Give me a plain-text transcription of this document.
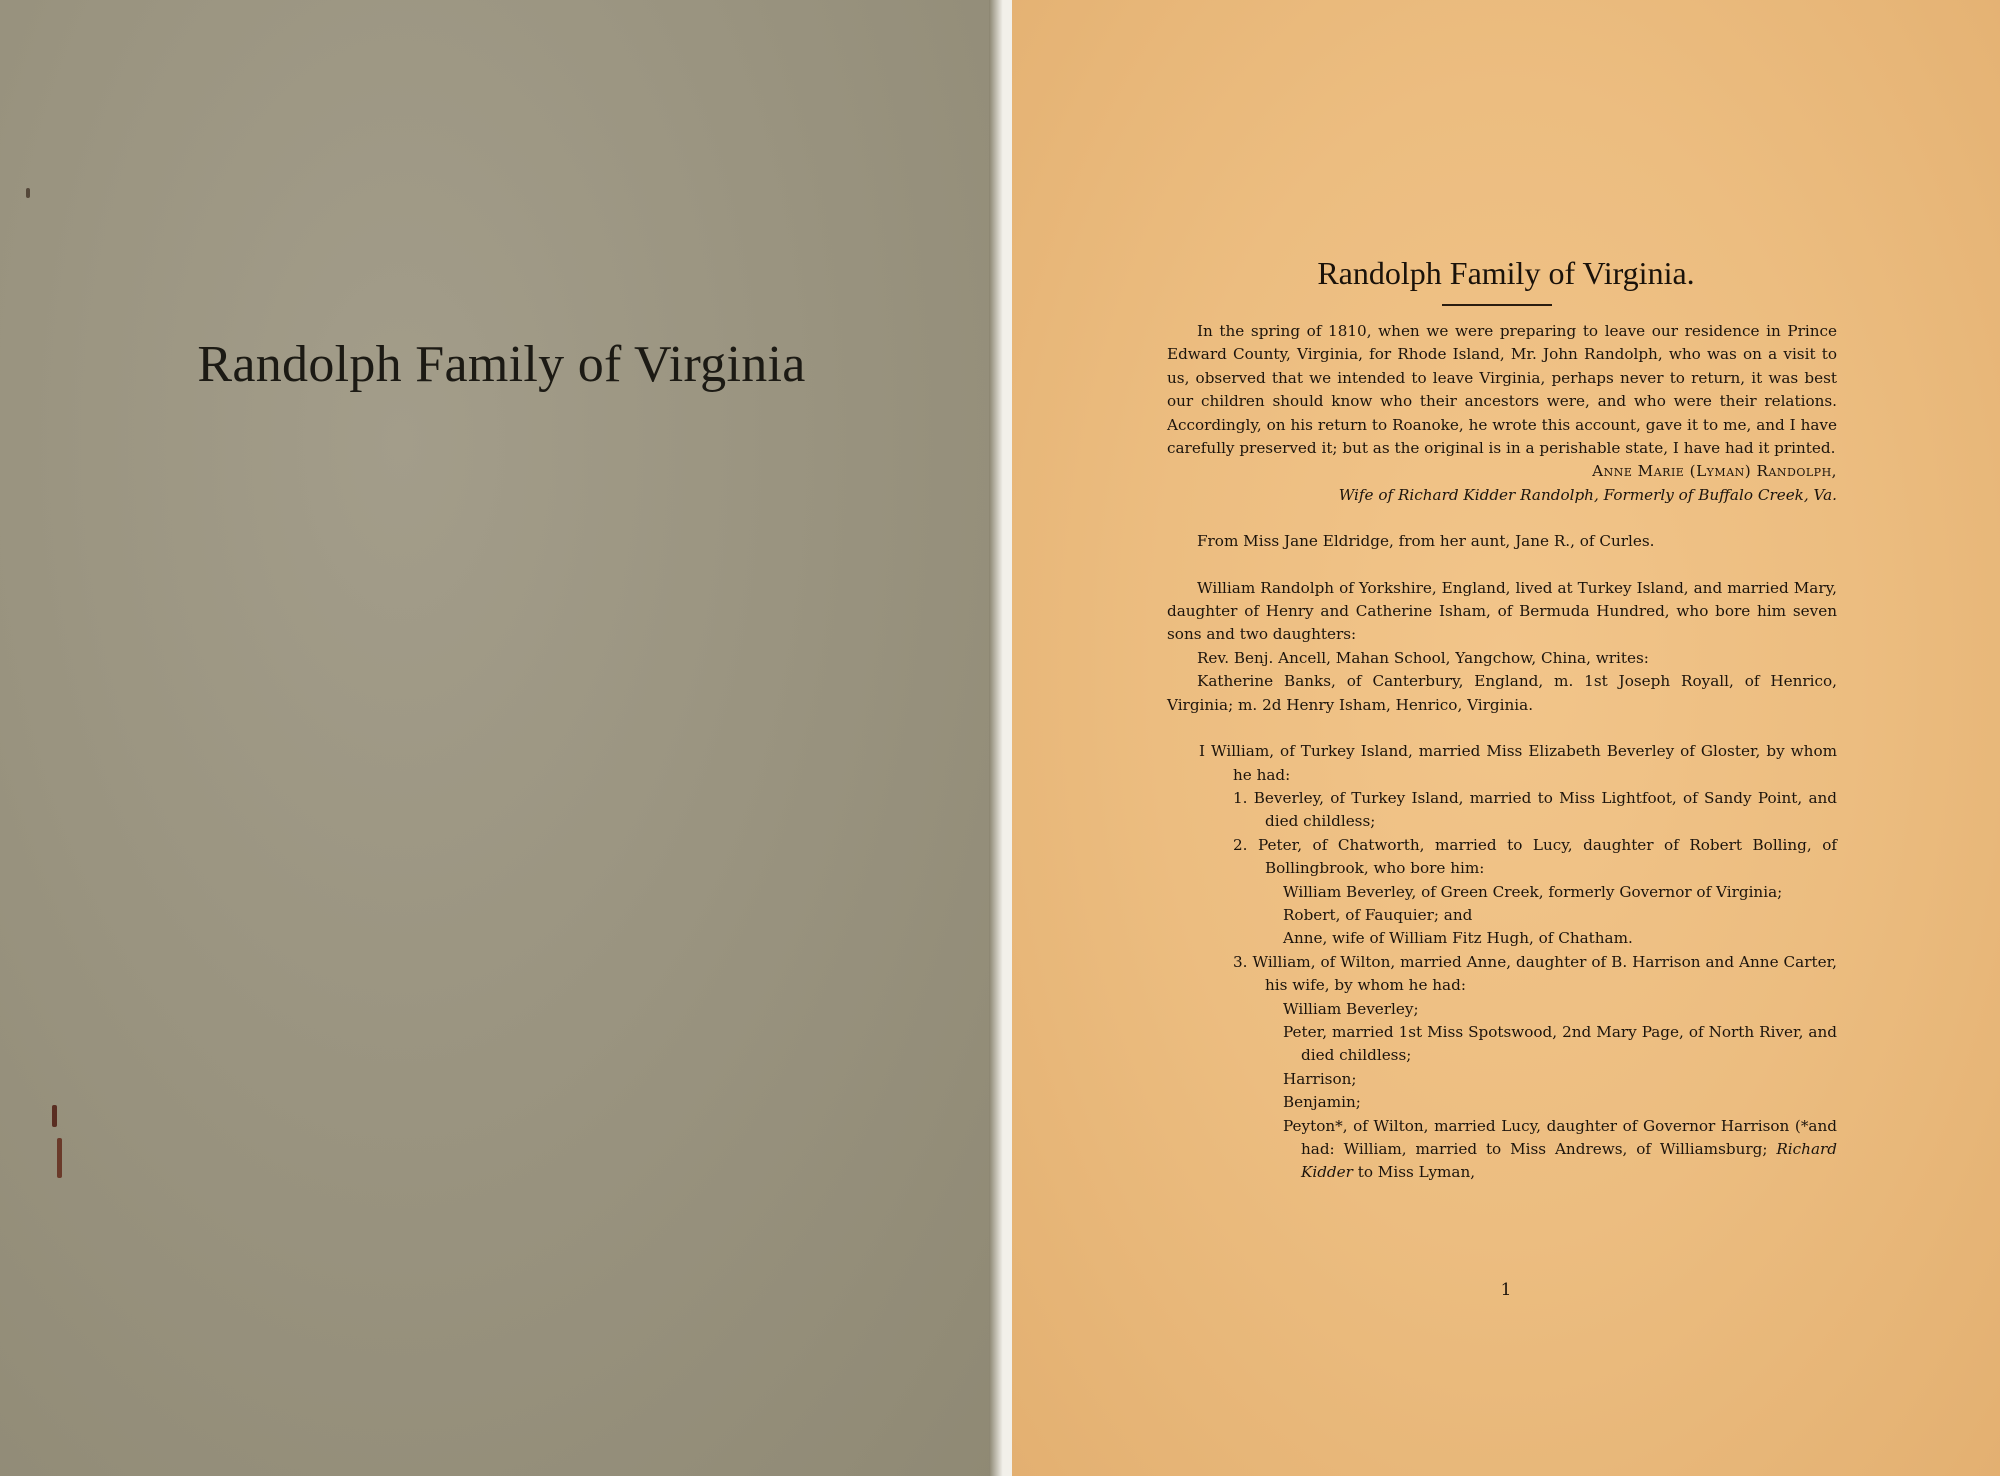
Randolph Family of Virginia
Randolph Family of Virginia.

In the spring of 1810, when we were preparing to leave our residence in Prince Edward County, Virginia, for Rhode Island, Mr. John Randolph, who was on a visit to us, observed that we intended to leave Virginia, perhaps never to return, it was best our children should know who their ancestors were, and who were their relations. Accordingly, on his return to Roanoke, he wrote this account, gave it to me, and I have carefully preserved it; but as the original is in a perishable state, I have had it printed.

Anne Marie (Lyman) Randolph,

Wife of Richard Kidder Randolph, Formerly of Buffalo Creek, Va.

From Miss Jane Eldridge, from her aunt, Jane R., of Curles.

William Randolph of Yorkshire, England, lived at Turkey Island, and married Mary, daughter of Henry and Catherine Isham, of Bermuda Hundred, who bore him seven sons and two daughters:

Rev. Benj. Ancell, Mahan School, Yangchow, China, writes:

Katherine Banks, of Canterbury, England, m. 1st Joseph Royall, of Henrico, Virginia; m. 2d Henry Isham, Henrico, Virginia.

I William, of Turkey Island, married Miss Elizabeth Beverley of Gloster, by whom he had:

1. Beverley, of Turkey Island, married to Miss Lightfoot, of Sandy Point, and died childless;

2. Peter, of Chatworth, married to Lucy, daughter of Robert Bolling, of Bollingbrook, who bore him:

William Beverley, of Green Creek, formerly Governor of Virginia;

Robert, of Fauquier; and

Anne, wife of William Fitz Hugh, of Chatham.

3. William, of Wilton, married Anne, daughter of B. Harrison and Anne Carter, his wife, by whom he had:

William Beverley;

Peter, married 1st Miss Spotswood, 2nd Mary Page, of North River, and died childless;

Harrison;

Benjamin;

Peyton*, of Wilton, married Lucy, daughter of Governor Harrison (*and had: William, married to Miss Andrews, of Williamsburg; Richard Kidder to Miss Lyman,

1
